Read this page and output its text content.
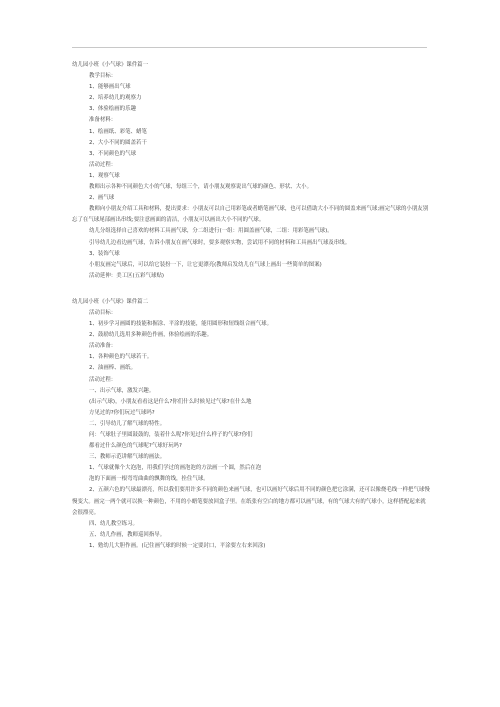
幼儿园小班《小气球》课件篇一

教学目标：

1、能够画出气球

2、培养幼儿的观察力

3、体验绘画的乐趣

准备材料：

1、绘画纸、彩笔、蜡笔

2、大小不同的圆盖若干

3、不同颜色的气球

活动过程：

1、观察气球

教师出示各种不同颜色大小的气球，每组三个，请小朋友观察说出气球的颜色、形状、大小。

2、画气球

教师向小朋友介绍工具和材料，提出要求：小朋友可以自己用彩笔或者蜡笔画气球，也可以借助大小不同的圆盖来画气球;画完气球的小朋友别忘了在气球尾部画出串线;要注意画面的清洁，小朋友可以画出大小不同的气球。

幼儿分组选择自己喜欢的材料工具画气球，分二组进行(一组：用圆盖画气球，二组：用彩笔画气球)。

引导幼儿边看边画气球，告诉小朋友在画气球时，要多观察实物，尝试用不同的材料和工具画出气球及串线。

3、装饰气球

小朋友画完气球后，可以给它装扮一下，让它更漂亮(教师启发幼儿在气球上画出一些简单的图案)

活动延伸：美工区(五彩气球贴)

幼儿园小班《小气球》课件篇二

活动目标：

1、初步学习画圆的技能和握涂、平涂的技能，能用圆形和短线组合画气球。

2、鼓励幼儿选用多种颜色作画，体验绘画的乐趣。

活动准备：

1、各种颜色的气球若干。

2、油画棒、画纸。

活动过程：

一、出示气球，激发兴趣。

(出示气球)，小朋友看看这是什么?你们什么时候见过气球?在什么地

方见过的?你们玩过气球吗?

二、引导幼儿了解气球的特性。

问：气球肚子里圆鼓鼓的，装着什么呢?你见过什么样子的气球?你们

都看过什么颜色的气球呢?气球好玩吗?

三、教师示范讲解气球的画法。

1、气球就像个大泡泡，用我们学过的画泡泡的方法画一个圆，然后在泡

泡的下面画一根弯弯曲曲的飘舞的线，拴住气球。

2、五颜六色的气球最漂亮，所以我们要用许多不同的颜色来画气球，也可以画好气球后用不同的颜色把它涂满，还可以像烧毛线一样把气球慢慢变大。画完一两个就可以换一种颜色，不用的小蜡笔要放回盒子里。在纸张有空白的地方都可以画气球，有的气球大有的气球小，这样搭配起来就会很漂亮。

四、幼儿教空练习。

五、幼儿作画，教师巡回指导。

1、勉幼儿大胆作画。(记住画气球的时候一定要封口，平涂要左右来回涂)
